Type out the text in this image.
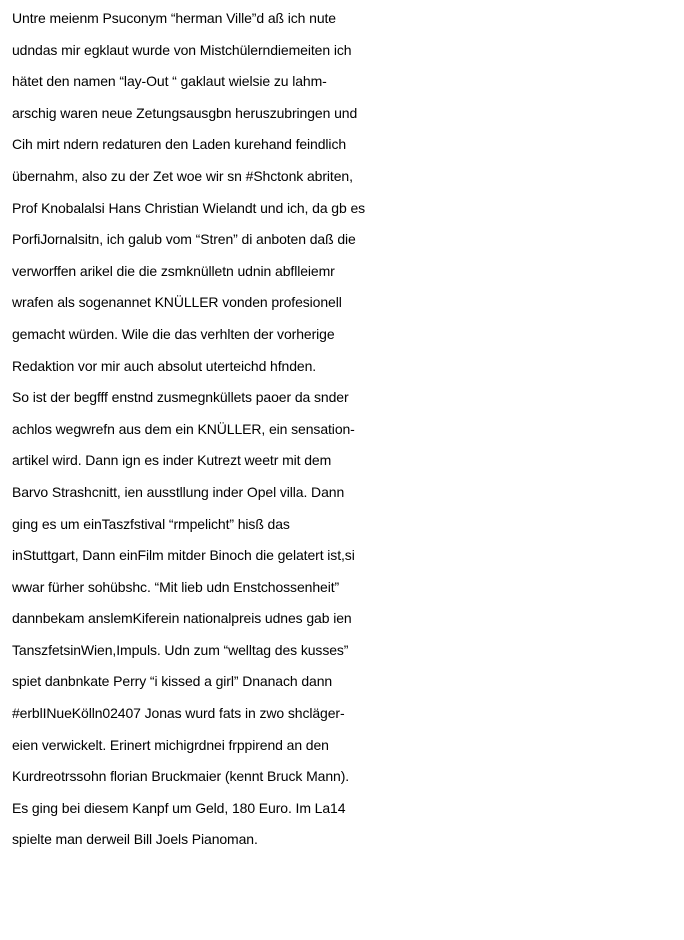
Untre meienm Psuconym “herman Ville”d aß ich nute
udndas mir egklaut wurde von Mistchülerndiemeiten ich
hätet den namen “lay-Out “ gaklaut wielsie zu lahm-
arschig waren neue Zetungsausgbn heruszubringen und
Cih mirt ndern redaturen den Laden kurehand feindlich
übernahm, also zu der Zet woe wir sn #Shctonk abriten,
Prof Knobalalsi Hans Christian Wielandt und ich, da gb es
PorfiJornalsitn, ich galub vom “Stren” di anboten daß die
verworffen arikel die die zsmknülletn udnin abflleiemr
wrafen als sogenannet KNÜLLER vonden profesionell
gemacht würden. Wile die das verhlten der vorherige
Redaktion vor mir auch absolut uterteichd hfnden.
So ist der begfff enstnd zusmegnküllets paoer da snder
achlos wegwrefn aus dem ein KNÜLLER, ein sensation-
artikel wird. Dann ign es inder Kutrezt weetr mit dem
Barvo Strashcnitt, ien ausstllung inder Opel villa. Dann
ging es um einTaszfstival “rmpelicht” hisß das
inStuttgart, Dann einFilm mitder Binoch die gelatert ist,si
wwar fürher sohübshc. “Mit lieb udn Enstchossenheit”
dannbekam anslemKiferein nationalpreis udnes gab ien
TanszfetsinWien,Impuls. Udn zum “welltag des kusses”
spiet danbnkate Perry “i kissed a girl” Dnanach dann
#erblINueKölln02407 Jonas wurd fats in zwo shcläger-
eien verwickelt. Erinert michigrdnei frppirend an den
Kurdreotrssohn florian Bruckmaier (kennt Bruck Mann).
Es ging bei diesem Kanpf um Geld, 180 Euro. Im La14
spielte man derweil Bill Joels Pianoman.
